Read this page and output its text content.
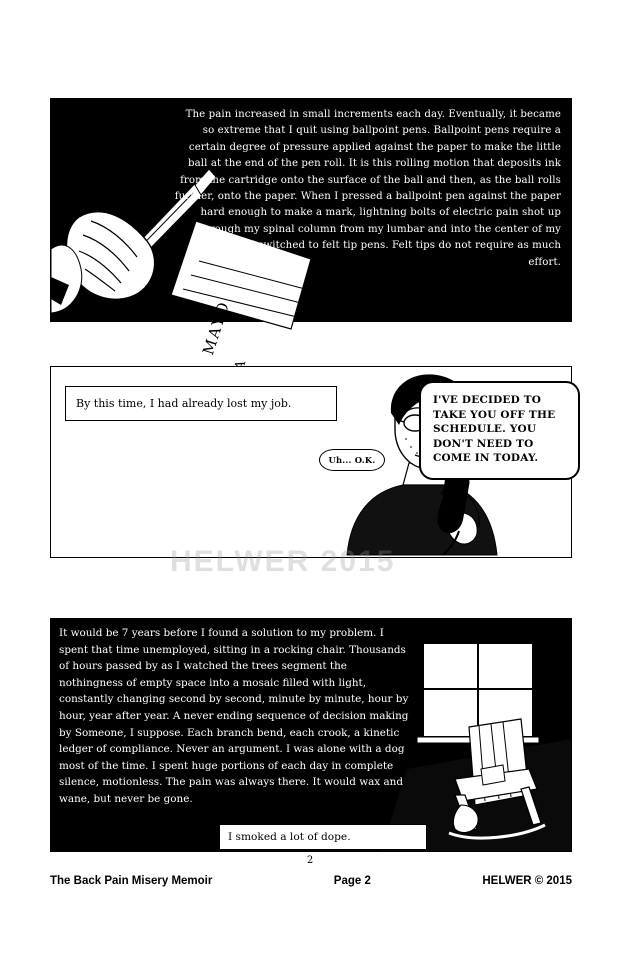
MAYO
The pain increased in small increments each day. Eventually, it became so extreme that I quit using ballpoint pens. Ballpoint pens require a certain degree of pressure applied against the paper to make the little ball at the end of the pen roll. It is this rolling motion that deposits ink from the cartridge onto the surface of the ball and then, as the ball rolls further, onto the paper. When I pressed a ballpoint pen against the paper hard enough to make a mark, lightning bolts of electric pain shot up through my spinal column from my lumbar and into the center of my brain. So, I switched to felt tip pens. Felt tips do not require as much effort.
By this time, I had already lost my job.	I'VE DECIDED TO TAKE YOU OFF THE SCHEDULE. YOU DON'T NEED TO COME IN TODAY.
Uh... O.K.
HELWER 2015
It would be 7 years before I found a solution to my problem. I spent that time unemployed, sitting in a rocking chair. Thousands of hours passed by as I watched the trees segment the nothingness of empty space into a mosaic filled with light, constantly changing second by second, minute by minute, hour by hour, year after year. A never ending sequence of decision making by Someone, I suppose. Each branch bend, each crook, a kinetic ledger of compliance. Never an argument. I was alone with a dog most of the time. I spent huge portions of each day in complete silence, motionless. The pain was always there. It would wax and wane, but never be gone.
I smoked a lot of dope.
2
The Back Pain Misery Memoir	Page 2	HELWER © 2015
